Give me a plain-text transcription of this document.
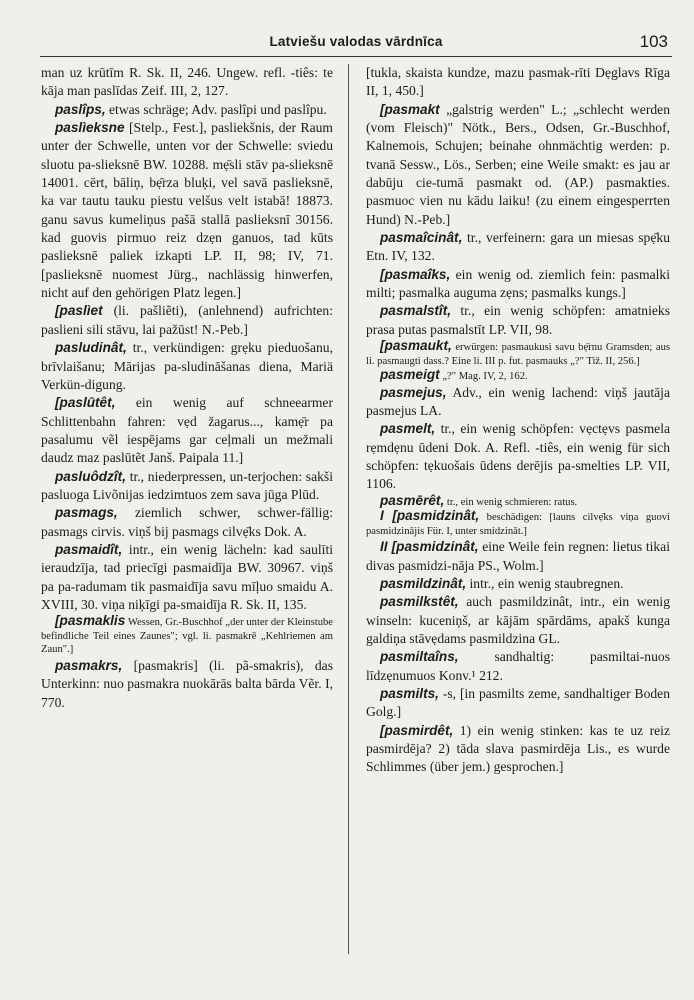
Latviešu valodas vārdnīca	103

man uz krūtīm R. Sk. II, 246. Ungew. refl. -tiês: te kāja man paslīdas Zeif. III, 2, 127.

paslîps, etwas schräge; Adv. paslîpi und paslîpu.

paslìeksne [Stelp., Fest.], pasliekšnis, der Raum unter der Schwelle, unten vor der Schwelle: sviedu sluotu pa-slieksnē BW. 10288. mẹ̄sli stāv pa-slieksnē 14001. cērt, bāliņ, bẹ̄rza bluķi, vel savā paslieksnē, ka var tautu tauku piestu velšus velt istabā! 18873. ganu savus kumeliņus pašā stallā paslieksnī 30156. kad guovis pirmuo reiz dzẹn ganuos, tad kūts paslieksnē paliek izkapti LP. II, 98; IV, 71. [paslieksnē nuomest Jürg., nachlässig hinwerfen, nicht auf den gehörigen Platz legen.]

[paslìet (li. pašliẽti), (anlehnend) aufrichten: paslieni sili stāvu, lai pažūst! N.-Peb.]

pasludinât, tr., verkündigen: grẹku pieduošanu, brīvlaišanu; Mārijas pa-sludināšanas diena, Mariä Verkün-digung.

[paslūtêt, ein wenig auf schneearmer Schlittenbahn fahren: vẹd žagarus..., kamẹ̄r pa pasalumu vẽl iespējams gar ceļmali un mežmali daudz maz paslūtẽt Janš. Paipala 11.]

pasluôdzît, tr., niederpressen, un-terjochen: sakši pasluoga Livõnijas iedzimtuos zem sava jūga Plūd.

pasmags, ziemlich schwer, schwer-fällig: pasmags cirvis. viņš bij pasmags cilvẹ̄ks Dok. A.

pasmaidît, intr., ein wenig lächeln: kad saulīti ieraudzīja, tad priecīgi pasmaidīja BW. 30967. viņš pa pa-radumam tik pasmaidīja savu mīļuo smaidu A. XVIII, 30. viņa niķīgi pa-smaidīja R. Sk. II, 135.

[pasmaklis Wessen, Gr.-Buschhof „der unter der Kleinstube befindliche Teil eines Zaunes"; vgl. li. pasmakrē „Kehlriemen am Zaun".]

pasmakrs, [pasmakris] (li. pã-smakris), das Unterkinn: nuo pasmakra nuokārās balta bārda Vẽr. I, 770.

[tukla, skaista kundze, mazu pasmak-rīti Dẹglavs Rīga II, 1, 450.]

[pasmakt „galstrig werden" L.; „schlecht werden (vom Fleisch)" Nötk., Bers., Odsen, Gr.-Buschhof, Kalnemois, Schujen; beinahe ohnmächtig werden: p. tvanā Sessw., Lös., Serben; eine Weile smakt: es jau ar dabūju cie-tumā pasmakt od. (AP.) pasmakties. pasmuoc vien nu kādu laiku! (zu einem eingesperrten Hund) N.-Peb.]

pasmaîcinât, tr., verfeinern: gara un miesas spẹ̄ku Etn. IV, 132.

[pasmaîks, ein wenig od. ziemlich fein: pasmalki milti; pasmalka auguma zẹns; pasmalks kungs.]

pasmalstît, tr., ein wenig schöpfen: amatnieks prasa putas pasmalstīt LP. VII, 98.

[pasmaukt, erwürgen: pasmaukusi savu bẹ̄rnu Gramsden; aus li. pasmaugti dass.? Eine li. III p. fut. pasmauks „?" Tiž. II, 256.]

pasmeigt „?" Mag. IV, 2, 162.

pasmejus, Adv., ein wenig lachend: viņš jautāja pasmejus LA.

pasmelt, tr., ein wenig schöpfen: vẹctẹvs pasmela rẹmdẹnu ūdeni Dok. A. Refl. -tiês, ein wenig für sich schöpfen: tẹkuošais ūdens derējis pa-smelties LP. VII, 1106.

pasmērêt, tr., ein wenig schmieren: ratus.

I [pasmidzinât, beschädigen: [launs cilvẹ̄ks viņa guovi pasmidzinājis Für. I, unter smidzināt.]

II [pasmidzinât, eine Weile fein regnen: lietus tikai divas pasmidzi-nāja PS., Wolm.]

pasmildzinât, intr., ein wenig staubregnen.

pasmilkstêt, auch pasmildzinât, intr., ein wenig winseln: kuceniņš, ar kājām spārdāms, apakš kunga galdiņa stāvẹdams pasmildzina GL.

pasmiltaîns, sandhaltig: pasmiltai-nuos līdzẹnumuos Konv.¹ 212.

pasmilts, -s, [in pasmilts zeme, sandhaltiger Boden Golg.]

[pasmirdêt, 1) ein wenig stinken: kas te uz reiz pasmirdēja? 2) tāda slava pasmirdēja Lis., es wurde Schlimmes (über jem.) gesprochen.]
